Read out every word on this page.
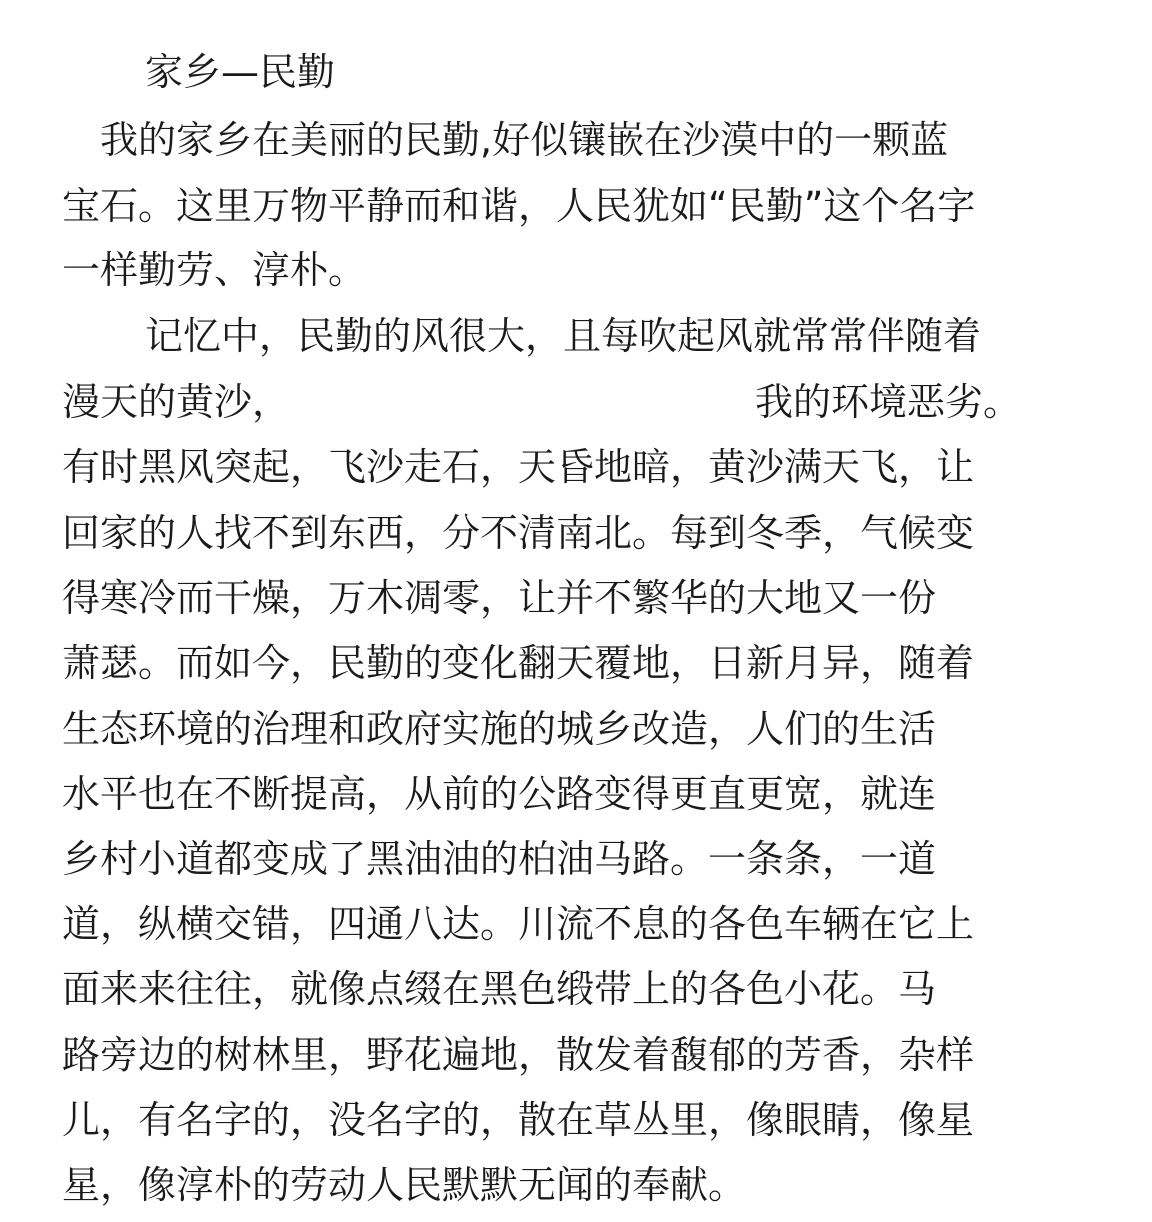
家乡—民勤
我的家乡在美丽的民勤,好似镶嵌在沙漠中的一颗蓝
宝石。这里万物平静而和谐，人民犹如“民勤”这个名字
一样勤劳、淳朴。
记忆中，民勤的风很大，且每吹起风就常常伴随着
漫天的黄沙，	我的环境恶劣。
有时黑风突起，飞沙走石，天昏地暗，黄沙满天飞，让
回家的人找不到东西，分不清南北。每到冬季，气候变
得寒冷而干燥，万木凋零，让并不繁华的大地又一份
萧瑟。而如今，民勤的变化翻天覆地，日新月异，随着
生态环境的治理和政府实施的城乡改造，人们的生活
水平也在不断提高，从前的公路变得更直更宽，就连
乡村小道都变成了黑油油的柏油马路。一条条，一道
道，纵横交错，四通八达。川流不息的各色车辆在它上
面来来往往，就像点缀在黑色缎带上的各色小花。马
路旁边的树林里，野花遍地，散发着馥郁的芳香，杂样
儿，有名字的，没名字的，散在草丛里，像眼睛，像星
星，像淳朴的劳动人民默默无闻的奉献。
